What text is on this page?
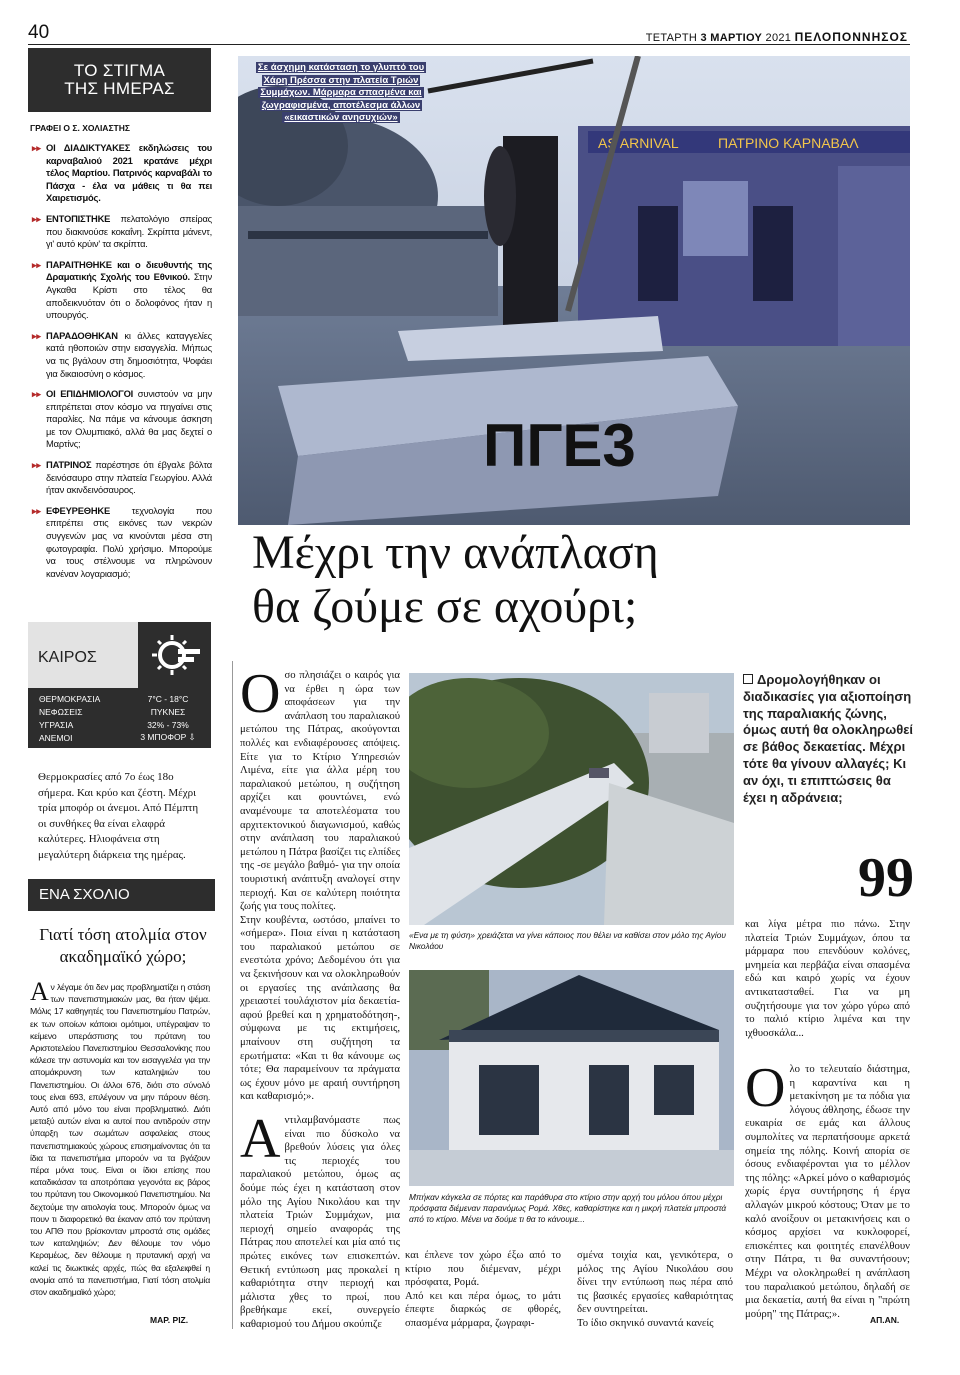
40	ΤΕΤΑΡΤΗ 3 ΜΑΡΤΙΟΥ 2021 ΠΕΛΟΠΟΝΝΗΣΟΣ
ΤΟ ΣΤΙΓΜΑ
ΤΗΣ ΗΜΕΡΑΣ
ΓΡΑΦΕΙ Ο Σ. ΧΟΛΙΑΣΤΗΣ
▸▸ ΟΙ ΔΙΑΔΙΚΤΥΑΚΕΣ εκδηλώσεις του καρναβαλιού 2021 κρατάνε μέχρι τέλος Μαρτίου. Πατρινός καρναβάλι το Πάσχα - έλα να μάθεις τι θα πει Χαιρετισμός.
▸▸ ΕΝΤΟΠΙΣΤΗΚΕ πελατολόγιο σπείρας που διακινούσε κοκαΐνη. Σκρίπτα μάνεντ, γι' αυτό κρύιν' τα σκρίπτα.
▸▸ ΠΑΡΑΙΤΗΘΗΚΕ και ο διευθυντής της Δραματικής Σχολής του Εθνικού. Στην Αγκαθα Κρίστι στο τέλος θα αποδεικνυόταν ότι ο δολοφόνος ήταν η υπουργός.
▸▸ ΠΑΡΑΔΟΘΗΚΑΝ κι άλλες καταγγελίες κατά ηθοποιών στην εισαγγελία. Μήπως να τις βγάλουν στη δημοσιότητα, Ψοφάει για δικαιοσύνη ο κόσμος.
▸▸ ΟΙ ΕΠΙΔΗΜΙΟΛΟΓΟΙ συνιστούν να μην επιτρέπεται στον κόσμο να πηγαίνει στις παραλίες. Να πάμε να κάνουμε άσκηση με τον Ολυμπιακό, αλλά θα μας δεχτεί ο Μαρτίνς;
▸▸ ΠΑΤΡΙΝΟΣ παρέστησε ότι έβγαλε βόλτα δεινόσαυρο στην πλατεία Γεωργίου. Αλλά ήταν ακινδεινόσαυρος.
▸▸ ΕΦΕΥΡΕΘΗΚΕ τεχνολογία που επιτρέπει στις εικόνες των νεκρών συγγενών μας να κινούνται μέσα στη φωτογραφία. Πολύ χρήσιμο. Μπορούμε να τους στέλνουμε να πληρώνουν κανέναν λογαριασμό;
ΚΑΙΡΟΣ
ΘΕΡΜΟΚΡΑΣΙΑ	7°C - 18°C
ΝΕΦΩΣΕΙΣ	ΠΥΚΝΕΣ
ΥΓΡΑΣΙΑ	32% - 73%
ΑΝΕΜΟΙ	3 ΜΠΟΦΟΡ ⇩
Θερμοκρασίες από 7ο έως 18ο σήμερα. Και κρύο και ζέστη. Μέχρι τρία μποφόρ οι άνεμοι. Από Πέμπτη οι συνθήκες θα είναι ελαφρά καλύτερες. Ηλιοφάνεια στη μεγαλύτερη διάρκεια της ημέρας.
ΕΝΑ ΣΧΟΛΙΟ
Γιατί τόση ατολμία στον ακαδημαϊκό χώρο;
Αν λέγαμε ότι δεν μας προβληματίζει η στάση των πανεπιστημιακών μας, θα ήταν ψέμα. Μόλις 17 καθηγητές του Πανεπιστημίου Πατρών, εκ των οποίων κάποιοι ομότιμοι, υπέγραψαν το κείμενο υπεράσπισης του πρύτανη του Αριστοτελείου Πανεπιστημίου Θεσσαλονίκης που κάλεσε την αστυνομία και τον εισαγγελέα για την απομάκρυνση των καταληψιών του Πανεπιστημίου. Οι άλλοι 676, διότι στο σύνολό τους είναι 693, επιλέγουν να μην πάρουν θέση. Αυτό από μόνο του είναι προβληματικό. Διότι μεταξύ αυτών είναι κι αυτοί που αντιδρούν στην ύπαρξη των σωμάτων ασφαλείας στους πανεπιστημιακούς χώρους επισημαίνοντας ότι τα ίδια τα πανεπιστήμια μπορούν να τα βγάζουν πέρα μόνα τους. Είναι οι ίδιοι επίσης που καταδικάσαν τα αποτρόπαια γεγονότα εις βάρος του πρύτανη του Οικονομικού Πανεπιστημίου. Να δεχτούμε την αιτιολογία τους. Μπορούν όμως να πουν τι διαφορετικό θα έκαναν από τον πρύτανη του ΑΠΘ που βρίσκονταν μπροστά στις ομάδες των καταληψιών; Δεν θέλουμε τον νόμο Κεραμέως, δεν θέλουμε η πρυτανική αρχή να καλεί τις διωκτικές αρχές, πώς θα εξαλειφθεί η ανομία από τα πανεπιστήμια, Γιατί τόση ατολμία στον ακαδημαϊκό χώρο;
ΜΑΡ. ΡΙΖ.
AS ARNIVAL	ΠΑΤΡΙΝΟ ΚΑΡΝΑΒΑΛ
ΠΓΕ3
Σε άσχημη κατάσταση το γλυπτό του Χάρη Πρέσσα στην πλατεία Τριών Συμμάχων. Μάρμαρα σπασμένα και ζωγραφισμένα, αποτέλεσμα άλλων «εικαστικών ανησυχιών»
Μέχρι την ανάπλαση
θα ζούμε σε αχούρι;
Οσο πλησιάζει ο καιρός για να έρθει η ώρα των αποφάσεων για την ανάπλαση του παραλιακού μετώπου της Πάτρας, ακούγονται πολλές και ενδιαφέρουσες απόψεις. Είτε για το Κτίριο Υπηρεσιών Λιμένα, είτε για άλλα μέρη του παραλιακού μετώπου, η συζήτηση αρχίζει και φουντώνει, ενώ αναμένουμε τα αποτελέσματα του αρχιτεκτονικού διαγωνισμού, καθώς στην ανάπλαση του παραλιακού μετώπου η Πάτρα βασίζει τις ελπίδες της -σε μεγάλο βαθμό- για την οποία τουριστική ανάπτυξη αναλογεί στην περιοχή. Και σε καλύτερη ποιότητα ζωής για τους πολίτες.
Στην κουβέντα, ωστόσο, μπαίνει το «σήμερα». Ποια είναι η κατάσταση του παραλιακού μετώπου σε ενεστώτα χρόνο; Δεδομένου ότι για να ξεκινήσουν και να ολοκληρωθούν οι εργασίες της ανάπλασης θα χρειαστεί τουλάχιστον μία δεκαετία- αφού βρεθεί και η χρηματοδότηση-, σύμφωνα με τις εκτιμήσεις, μπαίνουν στη συζήτηση τα ερωτήματα: «Και τι θα κάνουμε ως τότε; Θα παραμείνουν τα πράγματα ως έχουν μόνο με αραιή συντήρηση και καθαρισμό;».
Αντιλαμβανόμαστε πως είναι πιο δύσκολο να βρεθούν λύσεις για όλες τις περιοχές του παραλιακού μετώπου, όμως ας δούμε πώς έχει η κατάσταση στον μόλο της Αγίου Νικολάου και την πλατεία Τριών Συμμάχων, μια περιοχή σημείο αναφοράς της Πάτρας που αποτελεί και μία από τις πρώτες εικόνες των επισκεπτών. Θετική εντύπωση μας προκαλεί η καθαριότητα στην περιοχή και μάλιστα χθες το πρωί, που βρεθήκαμε εκεί, συνεργείο καθαρισμού του Δήμου σκούπιζε
«Ενα με τη φύση» χρειάζεται να γίνει κάποιος που θέλει να καθίσει στον μόλο της Αγίου Νικολάου
Μπήκαν κάγκελα σε πόρτες και παράθυρα στο κτίριο στην αρχή του μόλου όπου μέχρι πρόσφατα διέμεναν παρανόμως Ρομά. Χθες, καθαρίστηκε και η μικρή πλατεία μπροστά από το κτίριο. Μένει να δούμε τι θα το κάνουμε...
και έπλενε τον χώρο έξω από το κτίριο που διέμεναν, μέχρι πρόσφατα, Ρομά.
Από κει και πέρα όμως, το μάτι έπεφτε διαρκώς σε φθορές, σπασμένα μάρμαρα, ζωγραφι-
σμένα τοιχία και, γενικότερα, ο μόλος της Αγίου Νικολάου σου δίνει την εντύπωση πως πέρα από τις βασικές εργασίες καθαριότητας δεν συντηρείται.
Το ίδιο σκηνικό συναντά κανείς
Δρομολογήθηκαν οι διαδικασίες για αξιοποίηση της παραλιακής ζώνης, όμως αυτή θα ολοκληρωθεί σε βάθος δεκαετίας. Μέχρι τότε θα γίνουν αλλαγές; Κι αν όχι, τι επιπτώσεις θα έχει η αδράνεια;
99
και λίγα μέτρα πιο πάνω. Στην πλατεία Τριών Συμμάχων, όπου τα μάρμαρα που επενδύουν κολόνες, μνημεία και περβάζια είναι σπασμένα εδώ και καιρό χωρίς να έχουν αντικατασταθεί. Για να μη συζητήσουμε για τον χώρο γύρω από το παλιό κτίριο λιμένα και την ιχθυοσκάλα...
Ολο το τελευταίο διάστημα, η καραντίνα και η μετακίνηση με τα πόδια για λόγους άθλησης, έδωσε την ευκαιρία σε εμάς και άλλους συμπολίτες να περπατήσουμε αρκετά σημεία της πόλης. Κοινή απορία σε όσους ενδιαφέρονται για το μέλλον της πόλης: «Αρκεί μόνο ο καθαρισμός χωρίς έργα συντήρησης ή έργα αλλαγών μικρού κόστους; Όταν με το καλό ανοίξουν οι μετακινήσεις και ο κόσμος αρχίσει να κυκλοφορεί, επισκέπτες και φοιτητές επανέλθουν στην Πάτρα, τι θα συναντήσουν; Μέχρι να ολοκληρωθεί η ανάπλαση του παραλιακού μετώπου, δηλαδή σε μια δεκαετία, αυτή θα είναι η "πρώτη μούρη" της Πάτρας;».
ΑΠ.ΑΝ.
